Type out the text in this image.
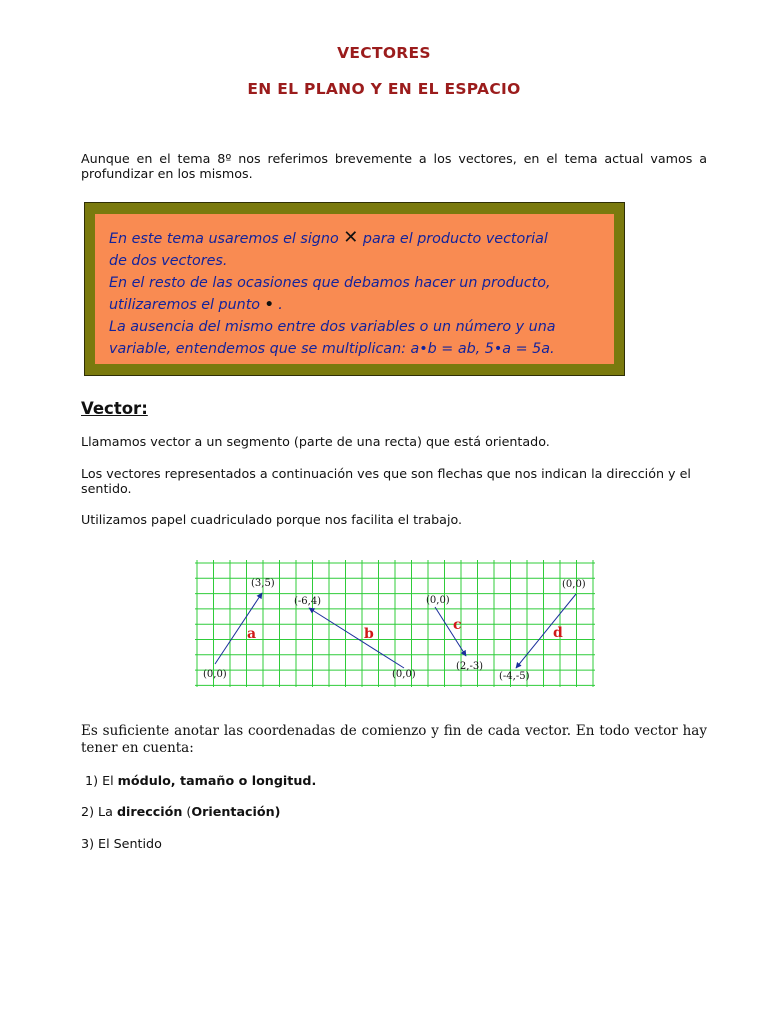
VECTORES
EN EL PLANO Y EN EL ESPACIO
Aunque en el tema 8º nos referimos brevemente a los vectores, en el tema actual vamos a profundizar en los mismos.
En este tema usaremos el signo ✕ para el producto vectorial
de dos vectores.
En el resto de las ocasiones que debamos hacer un producto,
utilizaremos el punto • .
La ausencia del mismo entre dos variables o un número y una
variable, entendemos que se multiplican: a•b = ab, 5•a = 5a.
Vector:
Llamamos vector a un segmento (parte de una recta) que está orientado.
Los vectores representados a continuación ves que son flechas que nos indican la dirección y el sentido.
Utilizamos papel cuadriculado porque nos facilita el trabajo.
(0,0)
(3,5)
(0,0)
(-6,4)	(0,0)
(2,-3)
(0,0)
(-4,-5)
a	b
c	d
Es suficiente anotar las coordenadas de comienzo y fin de cada vector. En todo vector hay tener en cuenta:
1) El módulo, tamaño o longitud.
2) La dirección (Orientación)
3) El Sentido
